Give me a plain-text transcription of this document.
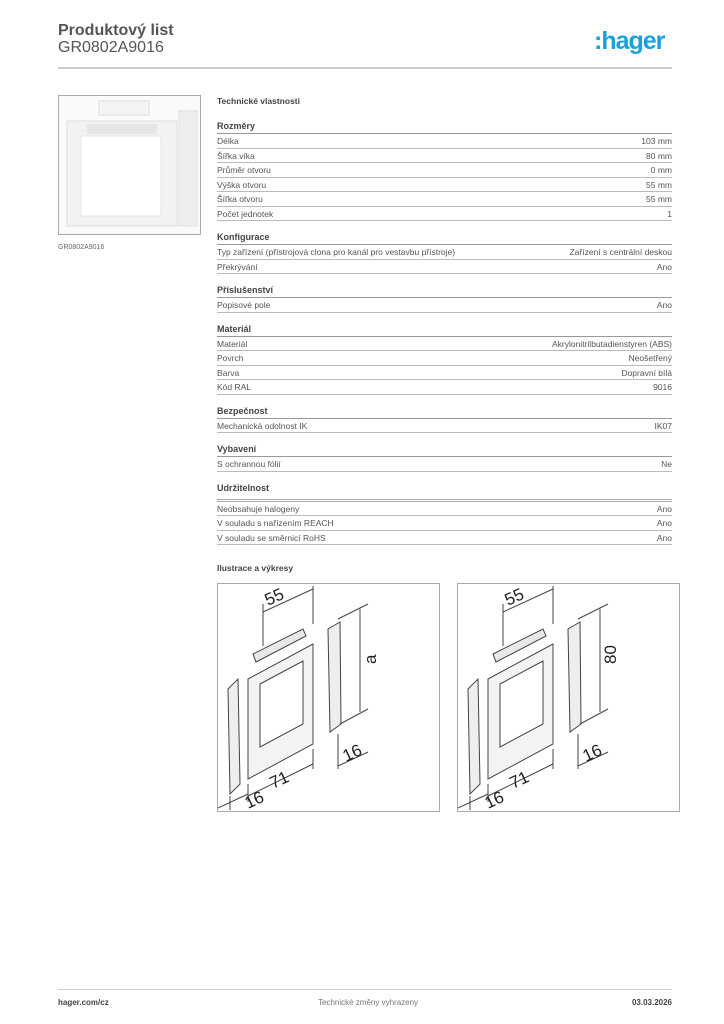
Produktový list
GR0802A9016	:hager
GR0802A9016
Technické vlastnosti
Rozměry
Délka	103 mm
Šířka víka	80 mm
Průměr otvoru	0 mm
Výška otvoru	55 mm
Šířka otvoru	55 mm
Počet jednotek	1
Konfigurace
Typ zařízení (přístrojová clona pro kanál pro vestavbu přístroje)	Zařízení s centrální deskou
Překrývání	Ano
Příslušenství
Popisové pole	Ano
Materiál
Materiál	Akrylonitrilbutadienstyren (ABS)
Povrch	Neošetřený
Barva	Dopravní bílá
Kód RAL	9016
Bezpečnost
Mechanická odolnost IK	IK07
Vybavení
S ochrannou fólií	Ne
Udržitelnost
Neobsahuje halogeny	Ano
V souladu s nařízením REACH	Ano
V souladu se směrnicí RoHS	Ano
Ilustrace a výkresy
55
a
71
16
16
55
80
71
16
16
hager.com/cz	Technické změny vyhrazeny	03.03.2026
